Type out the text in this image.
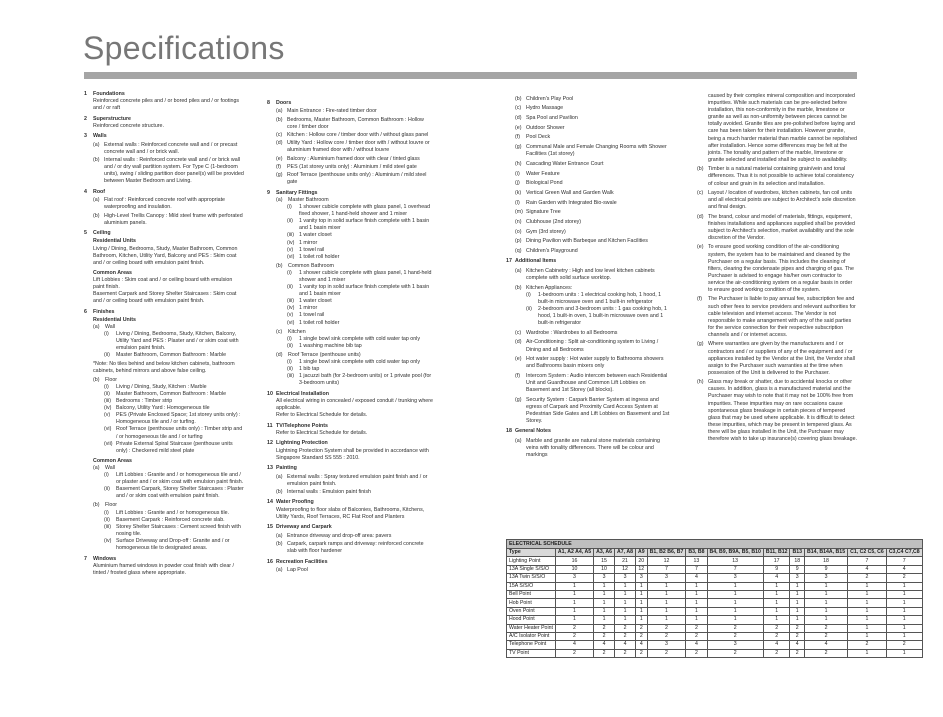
Specifications
1	Foundations
Reinforced concrete piles and / or bored piles and / or footings and / or raft
2	Superstructure
Reinforced concrete structure.
3	Walls
(a) External walls : Reinforced concrete wall and / or precast concrete wall and / or brick wall.
(b) Internal walls : Reinforced concrete wall and / or brick wall and / or dry wall partition system. For Type C (1-bedroom units), swing / sliding partition door panel(s) will be provided between Master Bedroom and Living.
4	Roof
(a) Flat roof : Reinforced concrete roof with appropriate waterproofing and insulation.
(b) High-Level Trellis Canopy : Mild steel frame with perforated aluminium panels.
5	Ceiling
Residential Units
Living / Dining, Bedrooms, Study, Master Bathroom, Common Bathroom, Kitchen, Utility Yard, Balcony and PES : Skim coat and / or ceiling board with emulsion paint finish.
Common Areas
Lift Lobbies : Skim coat and / or ceiling board with emulsion paint finish.
Basement Carpark and Storey Shelter Staircases : Skim coat and / or ceiling board with emulsion paint finish.
6	Finishes
Residential Units
(a)	Wall
(i)	Living / Dining, Bedrooms, Study, Kitchen, Balcony, Utility Yard and PES : Plaster and / or skim coat with emulsion paint finish.
(ii)	Master Bathroom, Common Bathroom : Marble
*Note: No tiles behind and below kitchen cabinets, bathroom cabinets, behind mirrors and above false ceiling.
(b)	Floor
(i)	Living / Dining, Study, Kitchen : Marble
(ii)	Master Bathroom, Common Bathroom : Marble
(iii) Bedrooms : Timber strip
(iv) Balcony, Utility Yard : Homogeneous tile
(v)	PES (Private Enclosed Space; 1st storey units only) : Homogeneous tile and / or turfing.
(vi) Roof Terrace (penthouse units only) : Timber strip and / or homogeneous tile and / or turfing
(vii) Private External Spiral Staircase (penthouse units only) : Checkered mild steel plate
Common Areas
(a)	Wall
(i)	Lift Lobbies : Granite and / or homogeneous tile and / or plaster and / or skim coat with emulsion paint finish.
(ii)	Basement Carpark, Storey Shelter Staircases : Plaster and / or skim coat with emulsion paint finish.
(b)	Floor
(i)	Lift Lobbies : Granite and / or homogeneous tile.
(ii)	Basement Carpark : Reinforced concrete slab.
(iii) Storey Shelter Staircases : Cement screed finish with nosing tile.
(iv) Surface Driveway and Drop-off : Granite and / or homogeneous tile to designated areas.
7	Windows
Aluminium framed windows in powder coat finish with clear / tinted / frosted glass where appropriate.
8	Doors
(a) Main Entrance : Fire-rated timber door
(b) Bedrooms, Master Bathroom, Common Bathroom : Hollow core / timber door
(c) Kitchen : Hollow core / timber door with / without glass panel
(d) Utility Yard : Hollow core / timber door with / without louvre or aluminium framed door with / without louvre
(e) Balcony : Aluminium framed door with clear / tinted glass
(f)	PES (1st storey units only) : Aluminium / mild steel gate
(g) Roof Terrace (penthouse units only) : Aluminium / mild steel gate
9	Sanitary Fittings
(a)	Master Bathroom
(i)	1 shower cubicle complete with glass panel, 1 overhead fixed shower, 1 hand-held shower and 1 mixer
(ii)	1 vanity top in solid surface finish complete with 1 basin and 1 basin mixer
(iii) 1 water closet
(iv) 1 mirror
(v)	1 towel rail
(vi) 1 toilet roll holder
(b)	Common Bathroom
(i)	1 shower cubicle complete with glass panel, 1 hand-held shower and 1 mixer
(ii)	1 vanity top in solid surface finish complete with 1 basin and 1 basin mixer
(iii) 1 water closet
(iv) 1 mirror
(v)	1 towel rail
(vi) 1 toilet roll holder
(c)	Kitchen
(i)	1 single bowl sink complete with cold water tap only
(ii)	1 washing machine bib tap
(d)	Roof Terrace (penthouse units)
(i)	1 single bowl sink complete with cold water tap only
(ii)	1 bib tap
(iii) 1 jacuzzi bath (for 2-bedroom units) or 1 private pool (for 3-bedroom units)
10 Electrical Installation
All electrical wiring in concealed / exposed conduit / trunking where applicable.
Refer to Electrical Schedule for details.
11 TV/Telephone Points
Refer to Electrical Schedule for details.
12 Lightning Protection
Lightning Protection System shall be provided in accordance with Singapore Standard SS 555 : 2010.
13 Painting
(a) External walls : Spray textured emulsion paint finish and / or emulsion paint finish.
(b) Internal walls : Emulsion paint finish
14 Water Proofing
Waterproofing to floor slabs of Balconies, Bathrooms, Kitchens, Utility Yards, Roof Terraces, RC Flat Roof and Planters
15 Driveway and Carpark
(a) Entrance driveway and drop-off area: pavers
(b) Carpark, carpark ramps and driveway: reinforced concrete slab with floor hardener
16 Recreation Facilities
(a) Lap Pool
(b) Children's Play Pool
(c) Hydro Massage
(d) Spa Pool and Pavilion
(e) Outdoor Shower
(f)	Pool Deck
(g) Communal Male and Female Changing Rooms with Shower Facilities (1st storey)
(h) Cascading Water Entrance Court
(i)	Water Feature
(j)	Biological Pond
(k) Vertical Green Wall and Garden Walk
(l)	Rain Garden with Integrated Bio-swale
(m) Signature Tree
(n) Clubhouse (2nd storey)
(o) Gym (3rd storey)
(p) Dining Pavilion with Barbeque and Kitchen Facilities
(q) Children's Playground
17 Additional Items
(a) Kitchen Cabinetry : High and low level kitchen cabinets complete with solid surface worktop.
(b) Kitchen Appliances:
(i)	1-bedroom units : 1 electrical cooking hob, 1 hood, 1 built-in microwave oven and 1 built-in refrigerator
(ii)	2-bedroom and 3-bedroom units : 1 gas cooking hob, 1 hood, 1 built-in oven, 1 built-in microwave oven and 1 built-in refrigerator
(c) Wardrobe : Wardrobes to all Bedrooms
(d) Air-Conditioning : Split air-conditioning system to Living / Dining and all Bedrooms
(e) Hot water supply : Hot water supply to Bathrooms showers and Bathrooms basin mixers only
(f)	Intercom System : Audio intercom between each Residential Unit and Guardhouse and Common Lift Lobbies on Basement and 1st Storey (all blocks).
(g) Security System : Carpark Barrier System at ingress and egress of Carpark and Proximity Card Access System at Pedestrian Side Gates and Lift Lobbies on Basement and 1st Storey.
18 General Notes
(a) Marble and granite are natural stone materials containing veins with tonality differences. There will be colour and markings
caused by their complex mineral composition and incorporated impurities. While such materials can be pre-selected before installation, this non-conformity in the marble, limestone or granite as well as non-uniformity between pieces cannot be totally avoided. Granite tiles are pre-polished before laying and care has been taken for their installation. However granite, being a much harder material than marble cannot be repolished after installation. Hence some differences may be felt at the joints. The tonality and pattern of the marble, limestone or granite selected and installed shall be subject to availability.
(b) Timber is a natural material containing grain/vein and tonal differences. Thus it is not possible to achieve total consistency of colour and grain in its selection and installation.
(c) Layout / location of wardrobes, kitchen cabinets, fan coil units and all electrical points are subject to Architect's sole discretion and final design.
(d) The brand, colour and model of materials, fittings, equipment, finishes installations and appliances supplied shall be provided subject to Architect's selection, market availability and the sole discretion of the Vendor.
(e) To ensure good working condition of the air-conditioning system, the system has to be maintained and cleaned by the Purchaser on a regular basis. This includes the cleaning of filters, clearing the condensate pipes and charging of gas. The Purchaser is advised to engage his/her own contractor to service the air-conditioning system on a regular basis in order to ensure good working condition of the system.
(f)	The Purchaser is liable to pay annual fee, subscription fee and such other fees to service providers and relevant authorities for cable television and internet access. The Vendor is not responsible to make arrangement with any of the said parties for the service connection for their respective subscription channels and / or internet access.
(g) Where warranties are given by the manufacturers and / or contractors and / or suppliers of any of the equipment and / or appliances installed by the Vendor at the Unit, the Vendor shall assign to the Purchaser such warranties at the time when possession of the Unit is delivered to the Purchaser.
(h) Glass may break or shatter, due to accidental knocks or other causes. In addition, glass is a manufactured material and the Purchaser may wish to note that it may not be 100% free from impurities. These impurities may on rare occasions cause spontaneous glass breakage in certain pieces of tempered glass that may be used where applicable. It is difficult to detect these impurities, which may be present in tempered glass. As there will be glass installed in the Unit, the Purchaser may therefore wish to take up insurance(s) covering glass breakage.
ELECTRICAL SCHEDULE
Type	A1, A2 A4, A5	A3, A6	A7, A8	A9	B1, B2 B6, B7	B3, B8	B4, B9, B9A, B5, B10	B11, B12	B13	B14, B14A, B15	C1, C2 C5, C6	C3,C4 C7,C8
Lighting Point	16	15	21	20	12	13	13	17	18	18	7	7
13A Single S/S/O	10	10	12	12	7	7	7	9	9	9	4	4
13A Twin S/S/O	3	3	3	3	3	4	3	4	3	3	2	2
15A S/S/O	1	1	1	1	1	1	1	1	1	1	1	1
Bell Point	1	1	1	1	1	1	1	1	1	1	1	1
Hob Point	1	1	1	1	1	1	1	1	1	1	1	1
Oven Point	1	1	1	1	1	1	1	1	1	1	1	1
Hood Point	1	1	1	1	1	1	1	1	1	1	1	1
Water Heater Point	2	2	2	2	2	2	2	2	2	2	1	1
A/C Isolator Point	2	2	2	2	2	2	2	2	2	2	1	1
Telephone Point	4	4	4	4	3	4	3	4	4	4	2	2
TV Point	2	2	2	2	2	2	2	2	2	2	1	1
